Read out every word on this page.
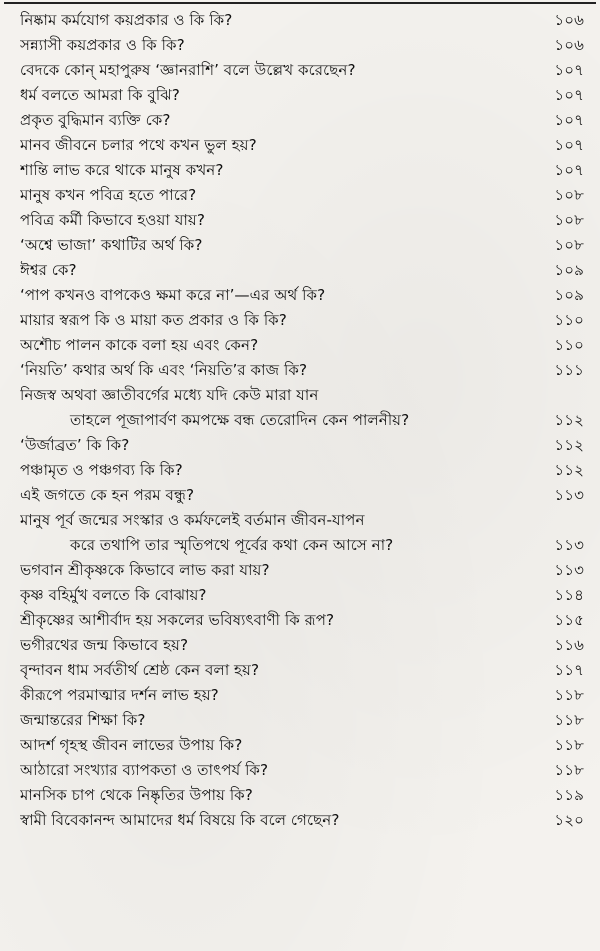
নিষ্কাম কর্মযোগ কয়প্রকার ও কি কি?	১০৬
সন্ন্যাসী কয়প্রকার ও কি কি?	১০৬
বেদকে কোন্ মহাপুরুষ ‘জ্ঞানরাশি’ বলে উল্লেখ করেছেন?	১০৭
ধর্ম বলতে আমরা কি বুঝি?	১০৭
প্রকৃত বুদ্ধিমান ব্যক্তি কে?	১০৭
মানব জীবনে চলার পথে কখন ভুল হয়?	১০৭
শান্তি লাভ করে থাকে মানুষ কখন?	১০৭
মানুষ কখন পবিত্র হতে পারে?	১০৮
পবিত্র কর্মী কিভাবে হওয়া যায়?	১০৮
‘অশ্বে ভাজা’ কথাটির অর্থ কি?	১০৮
ঈশ্বর কে?	১০৯
‘পাপ কখনও বাপকেও ক্ষমা করে না’—এর অর্থ কি?	১০৯
মায়ার স্বরূপ কি ও মায়া কত প্রকার ও কি কি?	১১০
অশৌচ পালন কাকে বলা হয় এবং কেন?	১১০
‘নিয়তি’ কথার অর্থ কি এবং ‘নিয়তি’র কাজ কি?	১১১
নিজস্ব অথবা জ্ঞাতীবর্গের মধ্যে যদি কেউ মারা যান
তাহলে পূজাপার্বণ কমপক্ষে বন্ধ তেরোদিন কেন পালনীয়?	১১২
‘উর্জাব্রত’ কি কি?	১১২
পঞ্চামৃত ও পঞ্চগব্য কি কি?	১১২
এই জগতে কে হন পরম বন্ধু?	১১৩
মানুষ পূর্ব জন্মের সংস্কার ও কর্মফলেই বর্তমান জীবন-যাপন
করে তথাপি তার স্মৃতিপথে পূর্বের কথা কেন আসে না?	১১৩
ভগবান শ্রীকৃষ্ণকে কিভাবে লাভ করা যায়?	১১৩
কৃষ্ণ বহির্মুখ বলতে কি বোঝায়?	১১৪
শ্রীকৃষ্ণের আশীর্বাদ হয় সকলের ভবিষ্যৎবাণী কি রূপ?	১১৫
ভগীরথের জন্ম কিভাবে হয়?	১১৬
বৃন্দাবন ধাম সর্বতীর্থ শ্রেষ্ঠ কেন বলা হয়?	১১৭
কীরূপে পরমাত্মার দর্শন লাভ হয়?	১১৮
জন্মান্তরের শিক্ষা কি?	১১৮
আদর্শ গৃহস্থ জীবন লাভের উপায় কি?	১১৮
আঠারো সংখ্যার ব্যাপকতা ও তাৎপর্য কি?	১১৮
মানসিক চাপ থেকে নিষ্কৃতির উপায় কি?	১১৯
স্বামী বিবেকানন্দ আমাদের ধর্ম বিষয়ে কি বলে গেছেন?	১২০
